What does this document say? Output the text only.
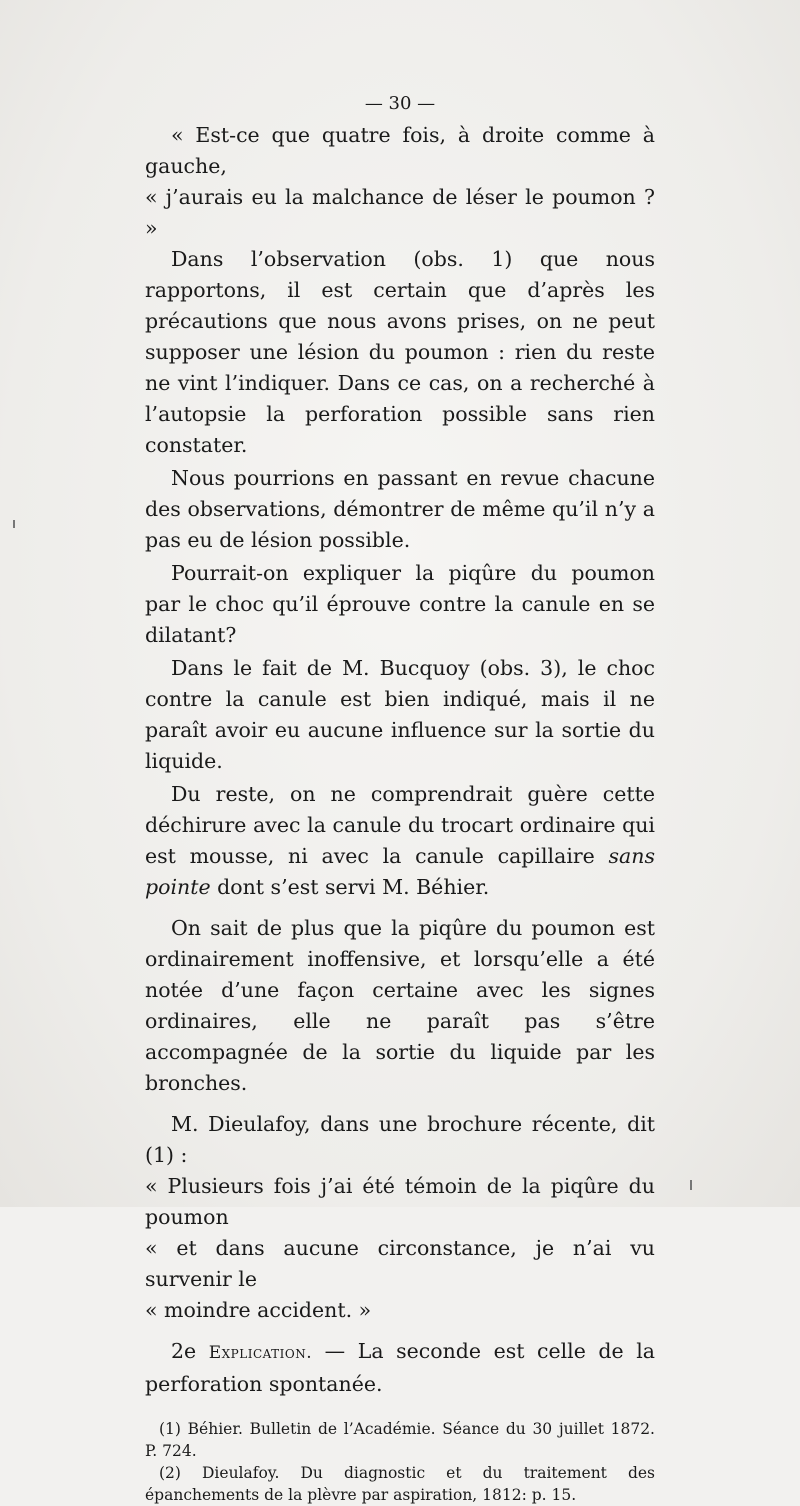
— 30 —

« Est-ce que quatre fois, à droite comme à gauche,

« j’aurais eu la malchance de léser le poumon ? »

Dans l’observation (obs. 1) que nous rapportons, il est certain que d’après les précautions que nous avons prises, on ne peut supposer une lésion du poumon : rien du reste ne vint l’indiquer. Dans ce cas, on a recherché à l’autopsie la perforation possible sans rien constater.

Nous pourrions en passant en revue chacune des observations, démontrer de même qu’il n’y a pas eu de lésion possible.

Pourrait-on expliquer la piqûre du poumon par le choc qu’il éprouve contre la canule en se dilatant?

Dans le fait de M. Bucquoy (obs. 3), le choc contre la canule est bien indiqué, mais il ne paraît avoir eu aucune influence sur la sortie du liquide.

Du reste, on ne comprendrait guère cette déchirure avec la canule du trocart ordinaire qui est mousse, ni avec la canule capillaire sans pointe dont s’est servi M. Béhier.

On sait de plus que la piqûre du poumon est ordinairement inoffensive, et lorsqu’elle a été notée d’une façon certaine avec les signes ordinaires, elle ne paraît pas s’être accompagnée de la sortie du liquide par les bronches.

M. Dieulafoy, dans une brochure récente, dit (1) :

« Plusieurs fois j’ai été témoin de la piqûre du poumon

« et dans aucune circonstance, je n’ai vu survenir le

« moindre accident. »

2e Explication. — La seconde est celle de la perforation spontanée.

(1) Béhier. Bulletin de l’Académie. Séance du 30 juillet 1872. P. 724.

(2) Dieulafoy. Du diagnostic et du traitement des épanchements de la plèvre par aspiration, 1812: p. 15.
